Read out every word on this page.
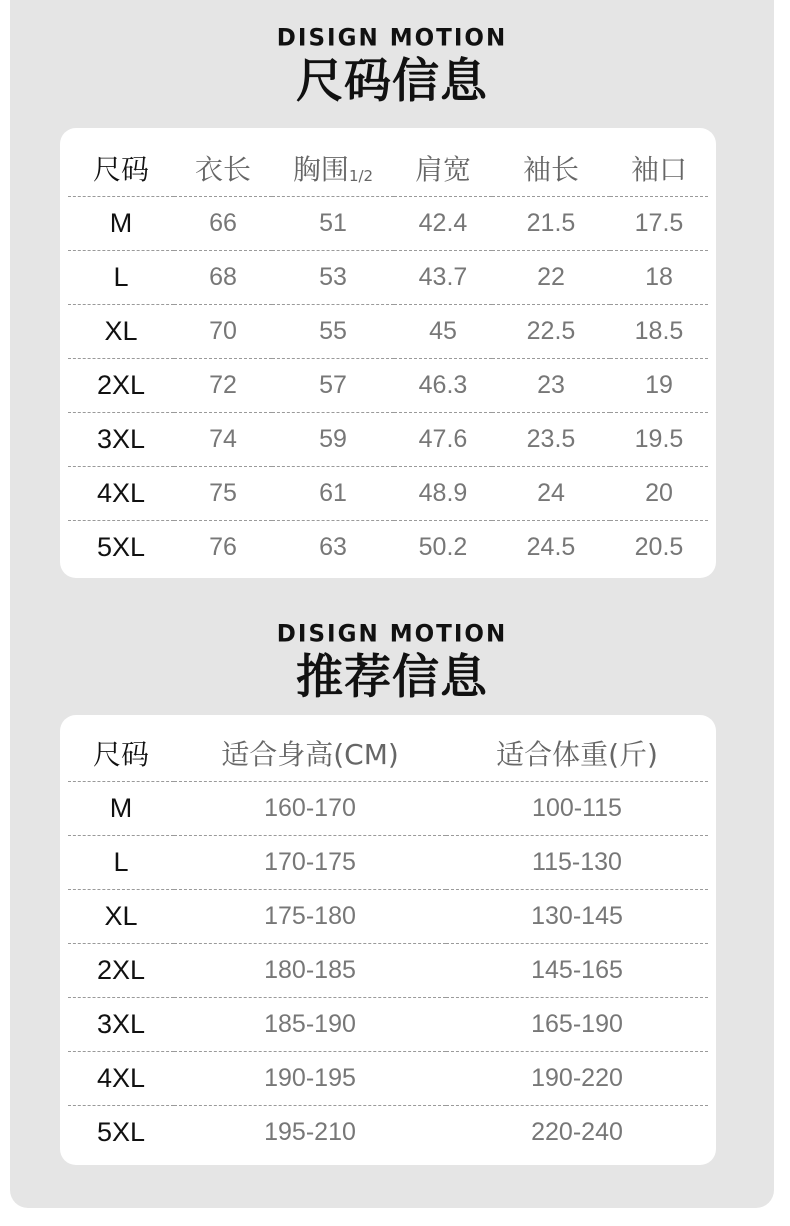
DISIGN MOTION
尺码信息
尺码	衣长	胸围$_{1/2}$	肩宽	袖长	袖口
M	66	51	42.4	21.5	17.5
L	68	53	43.7	22	18
XL	70	55	45	22.5	18.5
2XL	72	57	46.3	23	19
3XL	74	59	47.6	23.5	19.5
4XL	75	61	48.9	24	20
5XL	76	63	50.2	24.5	20.5
DISIGN MOTION
推荐信息
尺码	适合身高(CM)	适合体重(斤)
M	160-170	100-115
L	170-175	115-130
XL	175-180	130-145
2XL	180-185	145-165
3XL	185-190	165-190
4XL	190-195	190-220
5XL	195-210	220-240
